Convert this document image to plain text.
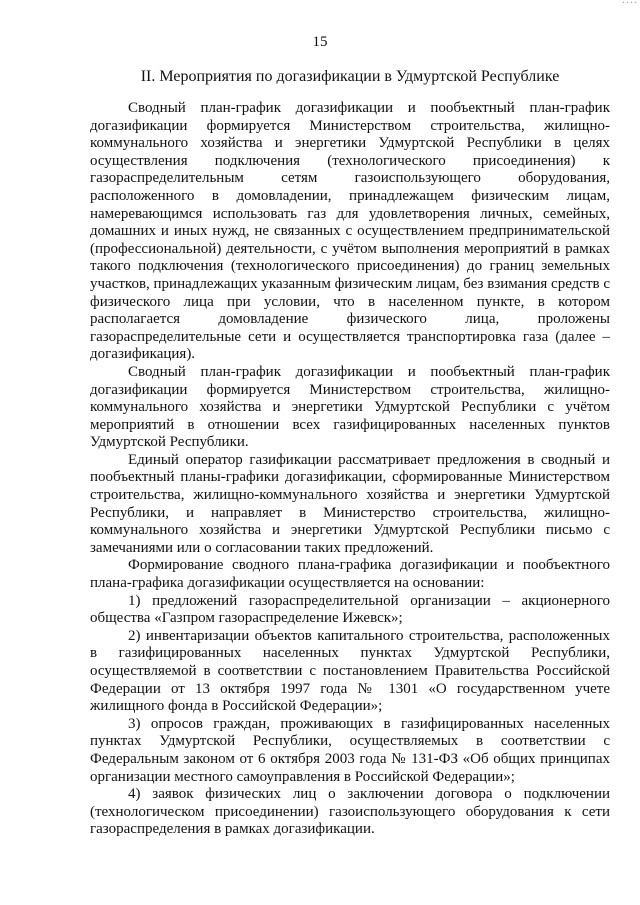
15
II. Мероприятия по догазификации в Удмуртской Республике

Сводный план-график догазификации и пообъектный план-график догазификации формируется Министерством строительства, жилищно-коммунального хозяйства и энергетики Удмуртской Республики в целях осуществления подключения (технологического присоединения) к газораспределительным сетям газоиспользующего оборудования, расположенного в домовладении, принадлежащем физическим лицам, намеревающимся использовать газ для удовлетворения личных, семейных, домашних и иных нужд, не связанных с осуществлением предпринимательской (профессиональной) деятельности, с учётом выполнения мероприятий в рамках такого подключения (технологического присоединения) до границ земельных участков, принадлежащих указанным физическим лицам, без взимания средств с физического лица при условии, что в населенном пункте, в котором располагается домовладение физического лица, проложены газораспределительные сети и осуществляется транспортировка газа (далее – догазификация).

Сводный план-график догазификации и пообъектный план-график догазификации формируется Министерством строительства, жилищно-коммунального хозяйства и энергетики Удмуртской Республики с учётом мероприятий в отношении всех газифицированных населенных пунктов Удмуртской Республики.

Единый оператор газификации рассматривает предложения в сводный и пообъектный планы-графики догазификации, сформированные Министерством строительства, жилищно-коммунального хозяйства и энергетики Удмуртской Республики, и направляет в Министерство строительства, жилищно-коммунального хозяйства и энергетики Удмуртской Республики письмо с замечаниями или о согласовании таких предложений.

Формирование сводного плана-графика догазификации и пообъектного плана-графика догазификации осуществляется на основании:

1) предложений газораспределительной организации – акционерного общества «Газпром газораспределение Ижевск»;

2) инвентаризации объектов капитального строительства, расположенных в газифицированных населенных пунктах Удмуртской Республики, осуществляемой в соответствии с постановлением Правительства Российской Федерации от 13 октября 1997 года № 1301 «О государственном учете жилищного фонда в Российской Федерации»;

3) опросов граждан, проживающих в газифицированных населенных пунктах Удмуртской Республики, осуществляемых в соответствии с Федеральным законом от 6 октября 2003 года № 131-ФЗ «Об общих принципах организации местного самоуправления в Российской Федерации»;

4) заявок физических лиц о заключении договора о подключении (технологическом присоединении) газоиспользующего оборудования к сети газораспределения в рамках догазификации.
